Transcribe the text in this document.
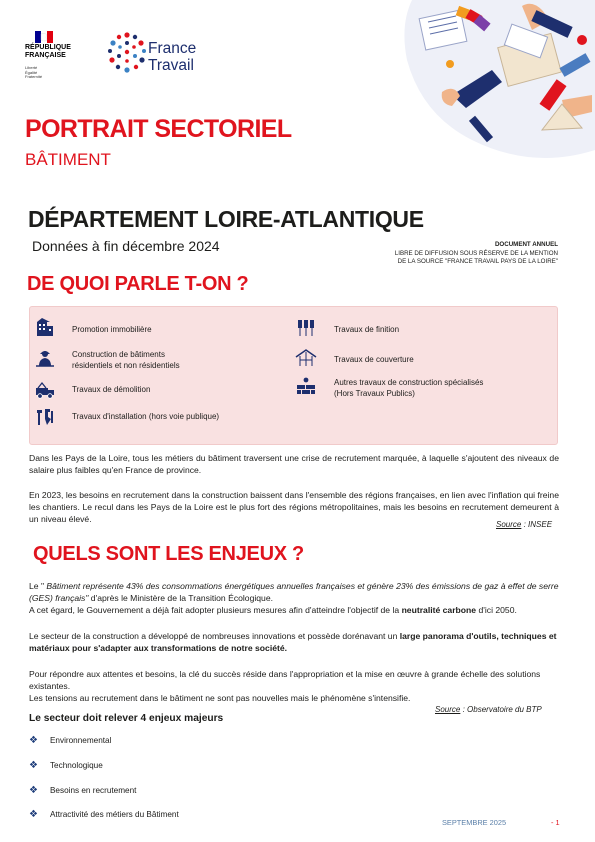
RÉPUBLIQUE
FRANÇAISE
Liberté
Égalité
Fraternité
France
Travail
PORTRAIT SECTORIEL
BÂTIMENT
DÉPARTEMENT LOIRE-ATLANTIQUE
Données à fin décembre 2024	DOCUMENT ANNUEL
LIBRE DE DIFFUSION SOUS RÉSERVE DE LA MENTION
DE LA SOURCE "FRANCE TRAVAIL PAYS DE LA LOIRE"
DE QUOI PARLE T-ON ?
Promotion immobilière
Construction de bâtiments
résidentiels et non résidentiels
Travaux de démolition
Travaux d'installation (hors voie publique)
Travaux de finition
Travaux de couverture
Autres travaux de construction spécialisés
(Hors Travaux Publics)
Dans les Pays de la Loire, tous les métiers du bâtiment traversent une crise de recrutement marquée, à laquelle s'ajoutent des niveaux de salaire plus faibles qu'en France de province.
En 2023, les besoins en recrutement dans la construction baissent dans l'ensemble des régions françaises, en lien avec l'inflation qui freine les chantiers. Le recul dans les Pays de la Loire est le plus fort des régions métropolitaines, mais les besoins en recrutement demeurent à un niveau élevé.
Source : INSEE
QUELS SONT LES ENJEUX ?
Le " Bâtiment représente 43% des consommations énergétiques annuelles françaises et génère 23% des émissions de gaz à effet de serre (GES) français" d'après le Ministère de la Transition Écologique.
A cet égard, le Gouvernement a déjà fait adopter plusieurs mesures afin d'atteindre l'objectif de la neutralité carbone d'ici 2050.
Le secteur de la construction a développé de nombreuses innovations et possède dorénavant un large panorama d'outils, techniques et matériaux pour s'adapter aux transformations de notre société.
Pour répondre aux attentes et besoins, la clé du succès réside dans l'appropriation et la mise en œuvre à grande échelle des solutions existantes.
Les tensions au recrutement dans le bâtiment ne sont pas nouvelles mais le phénomène s'intensifie.
Source : Observatoire du BTP
Le secteur doit relever 4 enjeux majeurs
❖ Environnemental
❖ Technologique
❖ Besoins en recrutement
❖ Attractivité des métiers du Bâtiment
SEPTEMBRE 2025	- 1
